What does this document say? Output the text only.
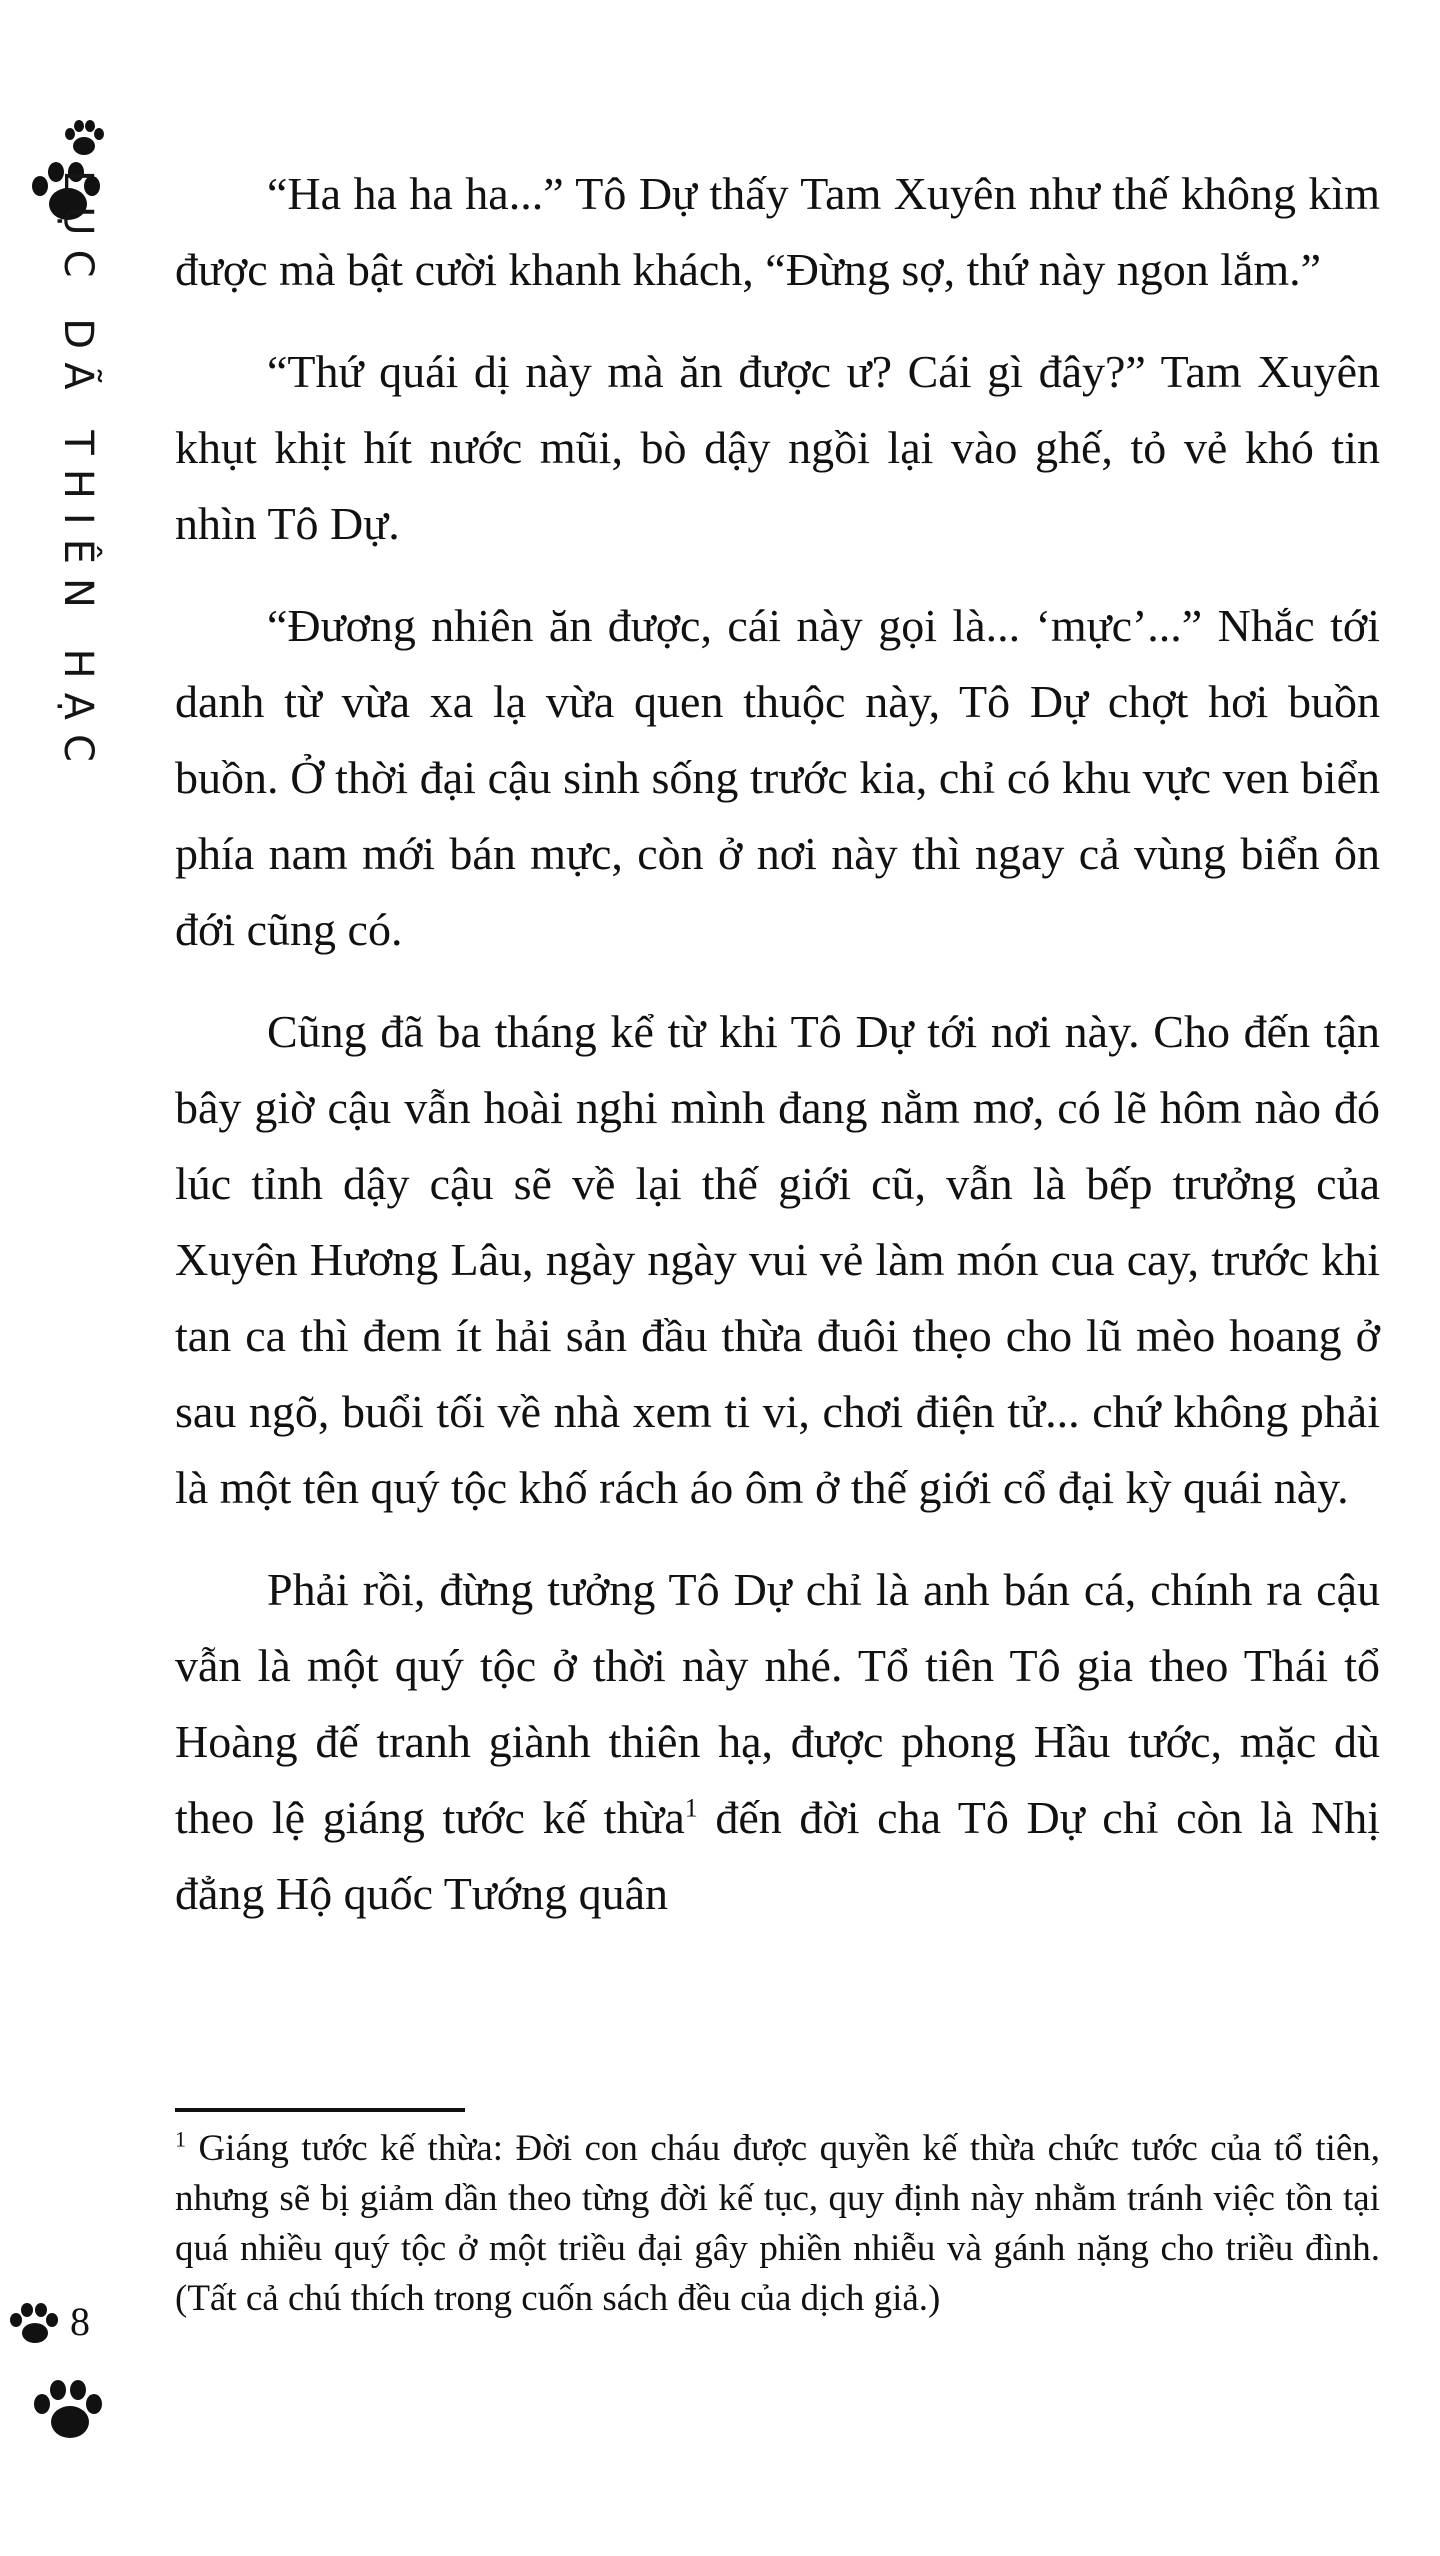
LỤC DÃ THIÊN HẠC	“Ha ha ha ha...” Tô Dự thấy Tam Xuyên như thế không kìm được mà bật cười khanh khách, “Đừng sợ, thứ này ngon lắm.”

“Thứ quái dị này mà ăn được ư? Cái gì đây?” Tam Xuyên khụt khịt hít nước mũi, bò dậy ngồi lại vào ghế, tỏ vẻ khó tin nhìn Tô Dự.

“Đương nhiên ăn được, cái này gọi là... ‘mực’...” Nhắc tới danh từ vừa xa lạ vừa quen thuộc này, Tô Dự chợt hơi buồn buồn. Ở thời đại cậu sinh sống trước kia, chỉ có khu vực ven biển phía nam mới bán mực, còn ở nơi này thì ngay cả vùng biển ôn đới cũng có.

Cũng đã ba tháng kể từ khi Tô Dự tới nơi này. Cho đến tận bây giờ cậu vẫn hoài nghi mình đang nằm mơ, có lẽ hôm nào đó lúc tỉnh dậy cậu sẽ về lại thế giới cũ, vẫn là bếp trưởng của Xuyên Hương Lâu, ngày ngày vui vẻ làm món cua cay, trước khi tan ca thì đem ít hải sản đầu thừa đuôi thẹo cho lũ mèo hoang ở sau ngõ, buổi tối về nhà xem ti vi, chơi điện tử... chứ không phải là một tên quý tộc khố rách áo ôm ở thế giới cổ đại kỳ quái này.

Phải rồi, đừng tưởng Tô Dự chỉ là anh bán cá, chính ra cậu vẫn là một quý tộc ở thời này nhé. Tổ tiên Tô gia theo Thái tổ Hoàng đế tranh giành thiên hạ, được phong Hầu tước, mặc dù theo lệ giáng tước kế thừa$^1$ đến đời cha Tô Dự chỉ còn là Nhị đẳng Hộ quốc Tướng quân

$^1$ Giáng tước kế thừa: Đời con cháu được quyền kế thừa chức tước của tổ tiên, nhưng sẽ bị giảm dần theo từng đời kế tục, quy định này nhằm tránh việc tồn tại quá nhiều quý tộc ở một triều đại gây phiền nhiễu và gánh nặng cho triều đình. (Tất cả chú thích trong cuốn sách đều của dịch giả.)

8
